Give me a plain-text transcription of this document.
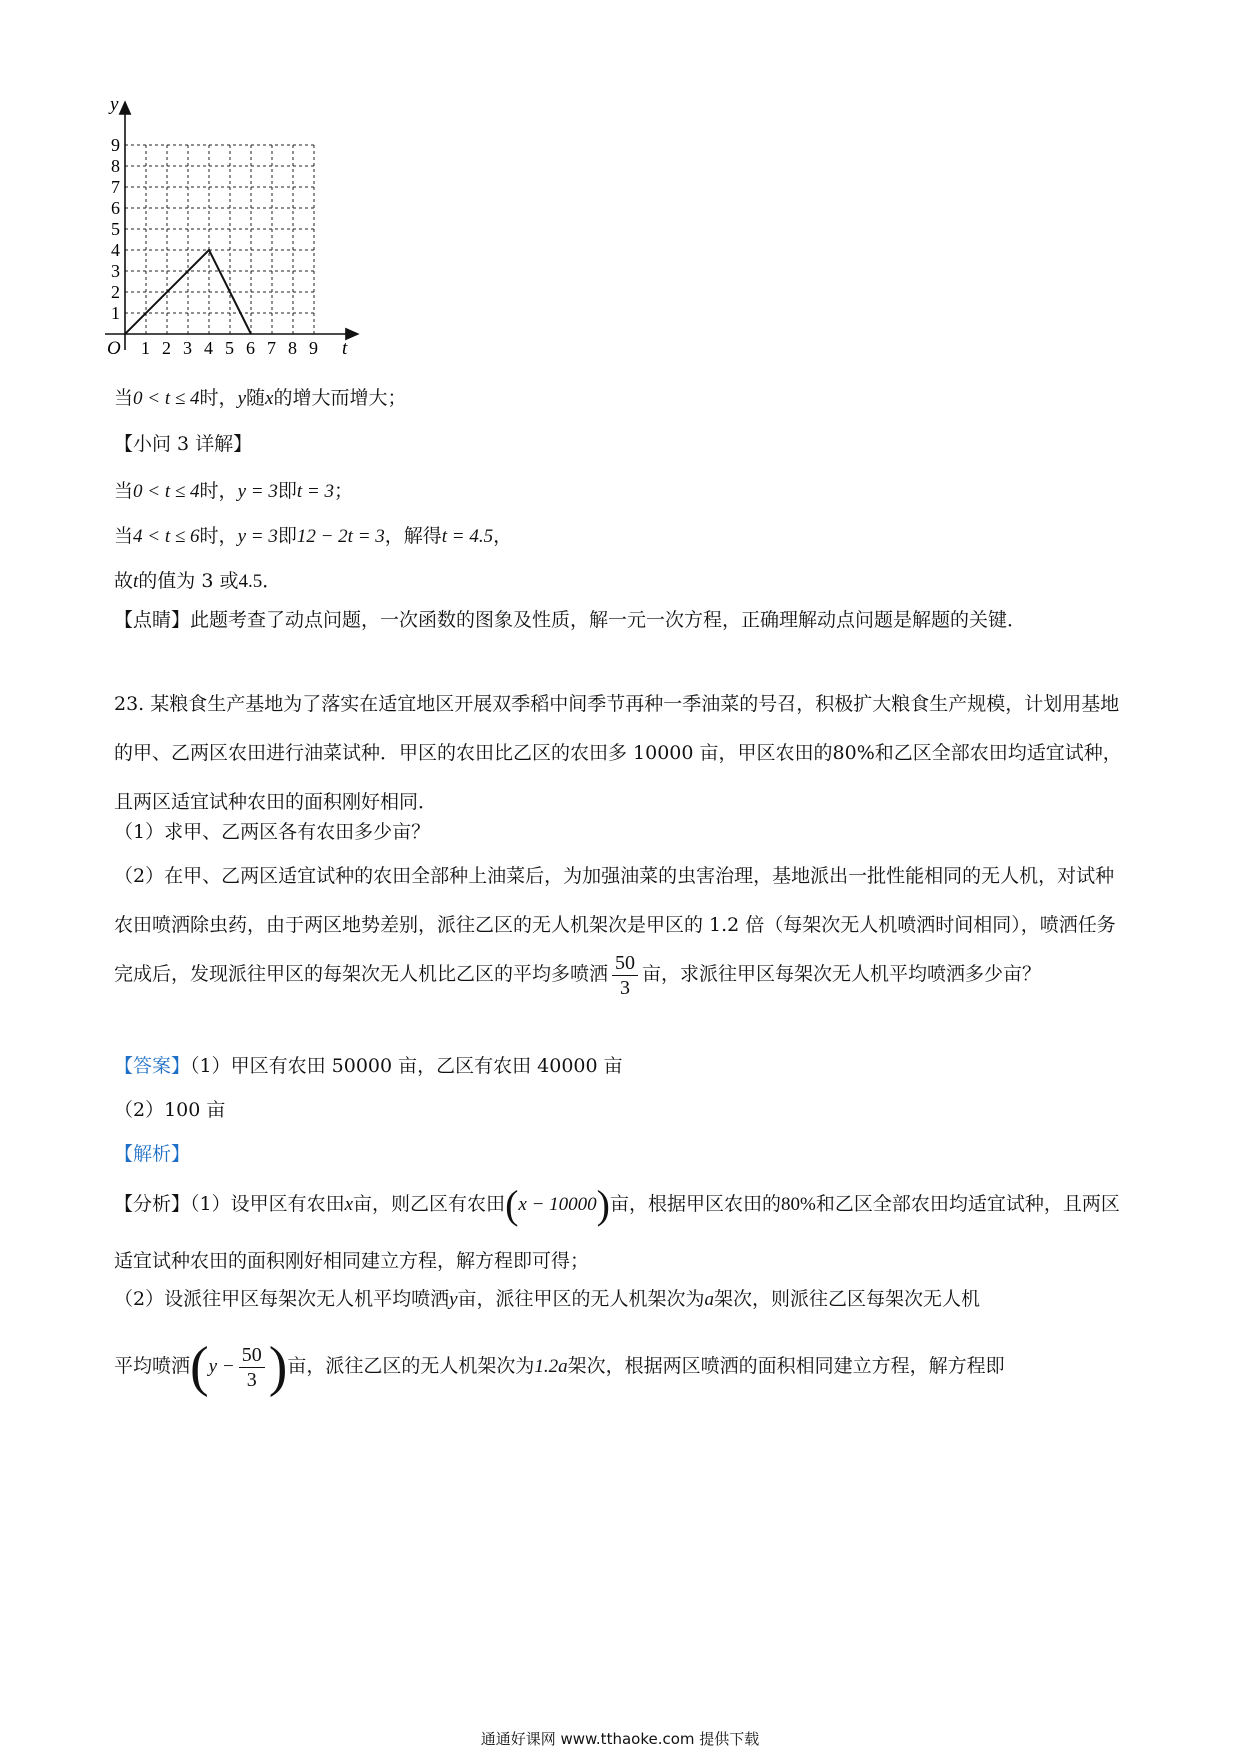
y
t
O 1 2 3 4 5 6 7 8 9
1
2
3
4
5
6
7
8
9
当0 < t ≤ 4时，y随x的增大而增大；
【小问 3 详解】
当0 < t ≤ 4时，y = 3即t = 3；
当4 < t ≤ 6时，y = 3即12 − 2t = 3，解得t = 4.5，
故t的值为 3 或4.5．
【点睛】此题考查了动点问题，一次函数的图象及性质，解一元一次方程，正确理解动点问题是解题的关键．
23. 某粮食生产基地为了落实在适宜地区开展双季稻中间季节再种一季油菜的号召，积极扩大粮食生产规模，计划用基地的甲、乙两区农田进行油菜试种．甲区的农田比乙区的农田多 10000 亩，甲区农田的80%和乙区全部农田均适宜试种，且两区适宜试种农田的面积刚好相同．
（1）求甲、乙两区各有农田多少亩？
（2）在甲、乙两区适宜试种的农田全部种上油菜后，为加强油菜的虫害治理，基地派出一批性能相同的无人机，对试种农田喷洒除虫药，由于两区地势差别，派往乙区的无人机架次是甲区的 1.2 倍（每架次无人机喷洒时间相同），喷洒任务完成后，发现派往甲区的每架次无人机比乙区的平均多喷洒 $\frac{50}{3}$ 亩，求派往甲区每架次无人机平均喷洒多少亩？
【答案】（1）甲区有农田 50000 亩，乙区有农田 40000 亩
（2）100 亩
【解析】
【分析】（1）设甲区有农田x亩，则乙区有农田(x − 10000)亩，根据甲区农田的80%和乙区全部农田均适宜试种，且两区适宜试种农田的面积刚好相同建立方程，解方程即可得；
（2）设派往甲区每架次无人机平均喷洒y亩，派往甲区的无人机架次为a架次，则派往乙区每架次无人机
平均喷洒($y - \frac{50}{3}$ )亩，派往乙区的无人机架次为1.2a架次，根据两区喷洒的面积相同建立方程，解方程即
通通好课网 www.tthaoke.com 提供下载
